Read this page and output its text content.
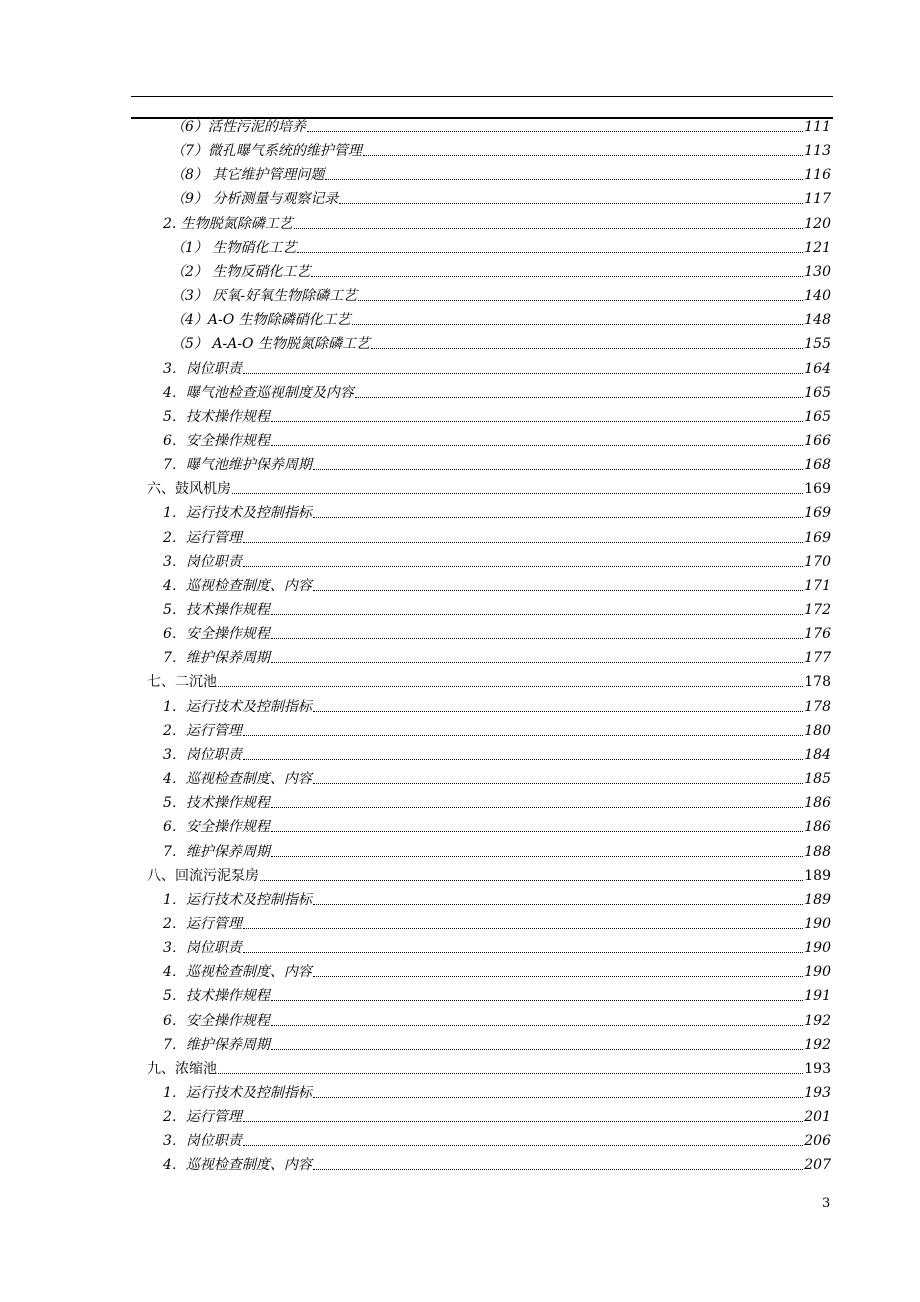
（6）活性污泥的培养	111
（7）微孔曝气系统的维护管理	113
（8） 其它维护管理问题	116
（9） 分析测量与观察记录	117
2. 生物脱氮除磷工艺	120
（1） 生物硝化工艺	121
（2） 生物反硝化工艺	130
（3） 厌氧-好氧生物除磷工艺	140
（4）A-O 生物除磷硝化工艺	148
（5） A-A-O 生物脱氮除磷工艺	155
3．岗位职责	164
4．曝气池检查巡视制度及内容	165
5．技术操作规程	165
6．安全操作规程	166
7．曝气池维护保养周期	168
六、鼓风机房	169
1．运行技术及控制指标	169
2．运行管理	169
3．岗位职责	170
4．巡视检查制度、内容	171
5．技术操作规程	172
6．安全操作规程	176
7．维护保养周期	177
七、二沉池	178
1．运行技术及控制指标	178
2．运行管理	180
3．岗位职责	184
4．巡视检查制度、内容	185
5．技术操作规程	186
6．安全操作规程	186
7．维护保养周期	188
八、回流污泥泵房	189
1．运行技术及控制指标	189
2．运行管理	190
3．岗位职责	190
4．巡视检查制度、内容	190
5．技术操作规程	191
6．安全操作规程	192
7．维护保养周期	192
九、浓缩池	193
1．运行技术及控制指标	193
2．运行管理	201
3．岗位职责	206
4．巡视检查制度、内容	207
3
